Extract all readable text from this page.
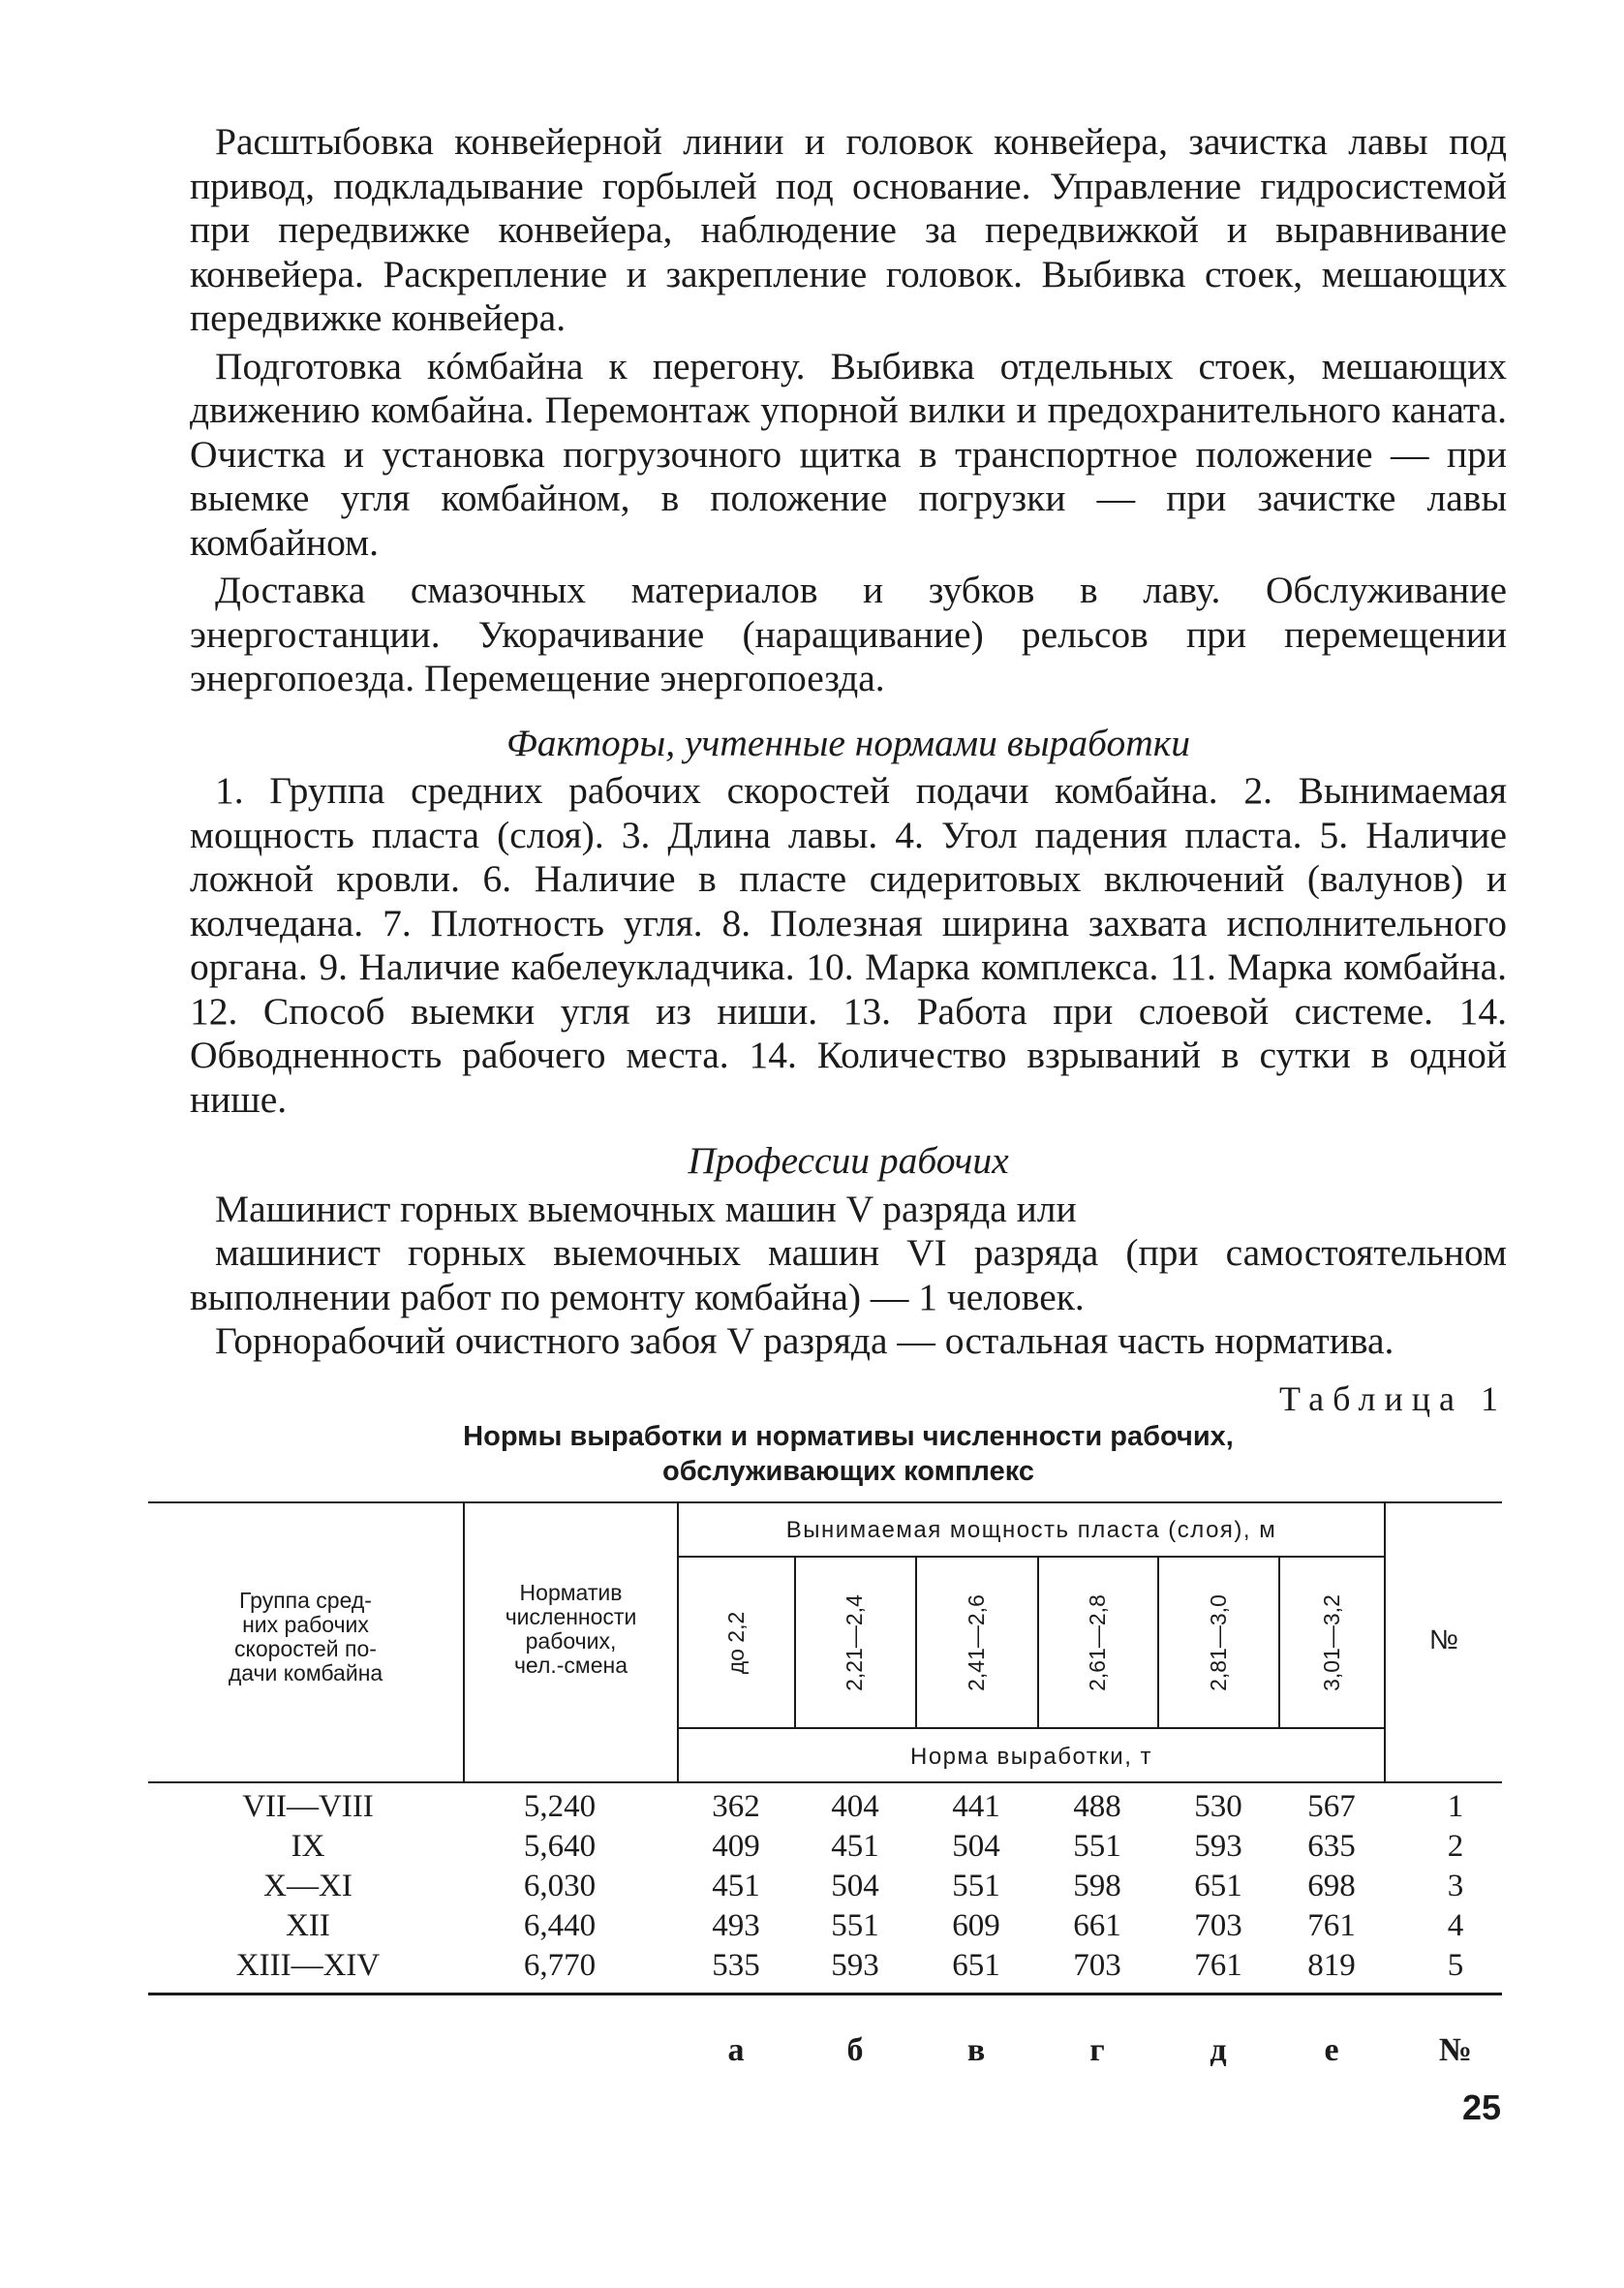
Расштыбовка конвейерной линии и головок конвейера, зачистка лавы под привод, подкладывание горбылей под основание. Управление гидросистемой при передвижке конвейера, наблюдение за передвижкой и выравнивание конвейера. Раскрепление и закрепление головок. Выбивка стоек, мешающих передвижке конвейера.

Подготовка кóмбайна к перегону. Выбивка отдельных стоек, мешающих движению комбайна. Перемонтаж упорной вилки и предохранительного каната. Очистка и установка погрузочного щитка в транспортное положение — при выемке угля комбайном, в положение погрузки — при зачистке лавы комбайном.

Доставка смазочных материалов и зубков в лаву. Обслуживание энергостанции. Укорачивание (наращивание) рельсов при перемещении энергопоезда. Перемещение энергопоезда.

Факторы, учтенные нормами выработки

1. Группа средних рабочих скоростей подачи комбайна. 2. Вынимаемая мощность пласта (слоя). 3. Длина лавы. 4. Угол падения пласта. 5. Наличие ложной кровли. 6. Наличие в пласте сидеритовых включений (валунов) и колчедана. 7. Плотность угля. 8. Полезная ширина захвата исполнительного органа. 9. Наличие кабелеукладчика. 10. Марка комплекса. 11. Марка комбайна. 12. Способ выемки угля из ниши. 13. Работа при слоевой системе. 14. Обводненность рабочего места. 14. Количество взрываний в сутки в одной нише.

Профессии рабочих

Машинист горных выемочных машин V разряда или

машинист горных выемочных машин VI разряда (при самостоятельном выполнении работ по ремонту комбайна) — 1 человек.

Горнорабочий очистного забоя V разряда — остальная часть норматива.

Таблица 1
Нормы выработки и нормативы численности рабочих,
обслуживающих комплекс
Группа сред-
них рабочих
скоростей по-
дачи комбайна
Норматив
численности
рабочих,
чел.-смена
Вынимаемая мощность пласта (слоя), м
Норма выработки, т
до 2,2	2,21—2,4	2,41—2,6	2,61—2,8	2,81—3,0	3,01—3,2	№
VII—VIII	5,240	362	404	441	488	530	567	1
IX	5,640	409	451	504	551	593	635	2
X—XI	6,030	451	504	551	598	651	698	3
XII	6,440	493	551	609	661	703	761	4
XIII—XIV	6,770	535	593	651	703	761	819	5
а	б	в	г	д	е	№
25
